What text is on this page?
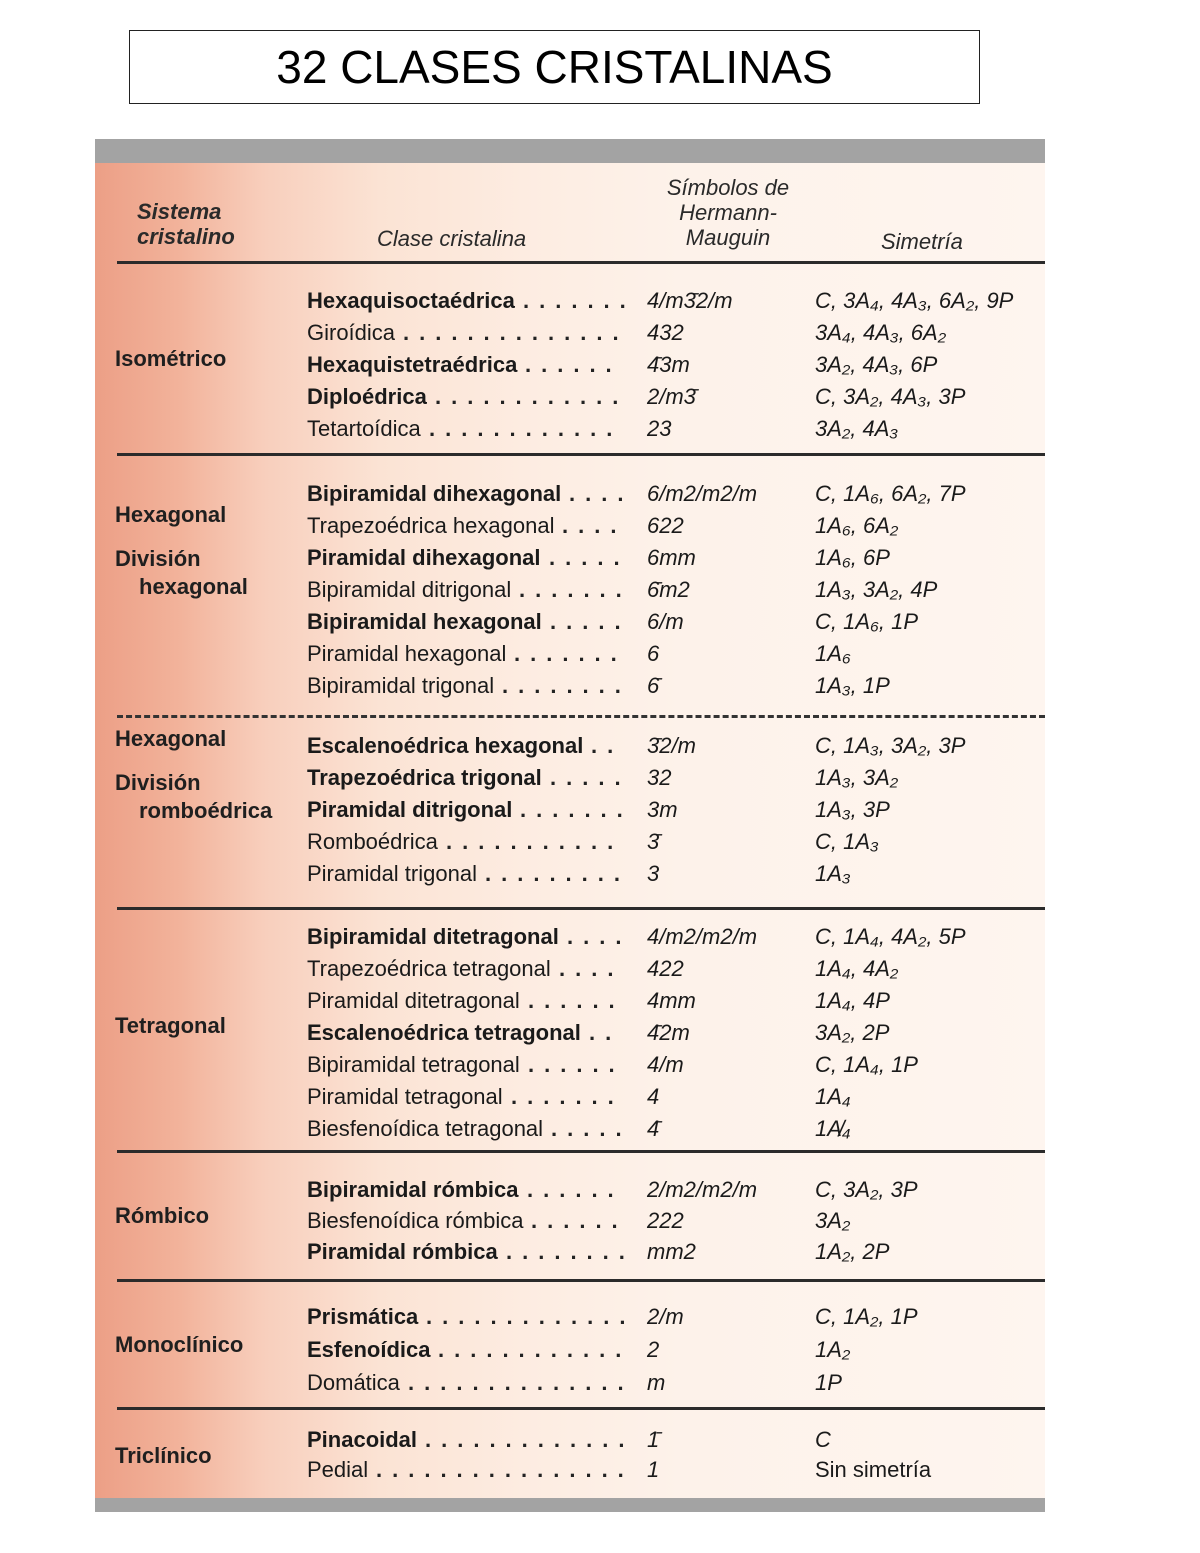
32 CLASES CRISTALINAS
Sistema
cristalino	Clase cristalina
Símbolos de
Hermann-
Mauguin	Simetría
Isométrico
Hexaquisoctaédrica ....... 4/m3̄2/m	C, 3A₄, 4A₃, 6A₂, 9P
Giroídica .............. 432	3A₄, 4A₃, 6A₂
Hexaquistetraédrica ...... 4̄3m	3A₂, 4A₃, 6P
Diploédrica ............ 2/m3̄	C, 3A₂, 4A₃, 3P
Tetartoídica ............ 23	3A₂, 4A₃
Hexagonal
División
hexagonal
Bipiramidal dihexagonal .... 6/m2/m2/m	C, 1A₆, 6A₂, 7P
Trapezoédrica hexagonal .... 622	1A₆, 6A₂
Piramidal dihexagonal ..... 6mm	1A₆, 6P
Bipiramidal ditrigonal ....... 6̄m2	1A₃, 3A₂, 4P
Bipiramidal hexagonal ..... 6/m	C, 1A₆, 1P
Piramidal hexagonal ....... 6	1A₆
Bipiramidal trigonal ........ 6̄	1A₃, 1P
Hexagonal
División
romboédrica
Escalenoédrica hexagonal .. 3̄2/m	C, 1A₃, 3A₂, 3P
Trapezoédrica trigonal ..... 32	1A₃, 3A₂
Piramidal ditrigonal ....... 3m	1A₃, 3P
Romboédrica ........... 3̄	C, 1A₃
Piramidal trigonal ......... 3	1A₃
Tetragonal
Bipiramidal ditetragonal .... 4/m2/m2/m	C, 1A₄, 4A₂, 5P
Trapezoédrica tetragonal .... 422	1A₄, 4A₂
Piramidal ditetragonal ...... 4mm	1A₄, 4P
Escalenoédrica tetragonal .. 4̄2m	3A₂, 2P
Bipiramidal tetragonal ...... 4/m	C, 1A₄, 1P
Piramidal tetragonal ....... 4	1A₄
Biesfenoídica tetragonal ..... 4̄	1A̸₄
Rómbico
Bipiramidal rómbica ...... 2/m2/m2/m	C, 3A₂, 3P
Biesfenoídica rómbica ...... 222	3A₂
Piramidal rómbica ........ mm2	1A₂, 2P
Monoclínico
Prismática ............. 2/m	C, 1A₂, 1P
Esfenoídica ............ 2	1A₂
Domática .............. m	1P
Triclínico
Pinacoidal ............. 1̄	C
Pedial ................ 1	Sin simetría
